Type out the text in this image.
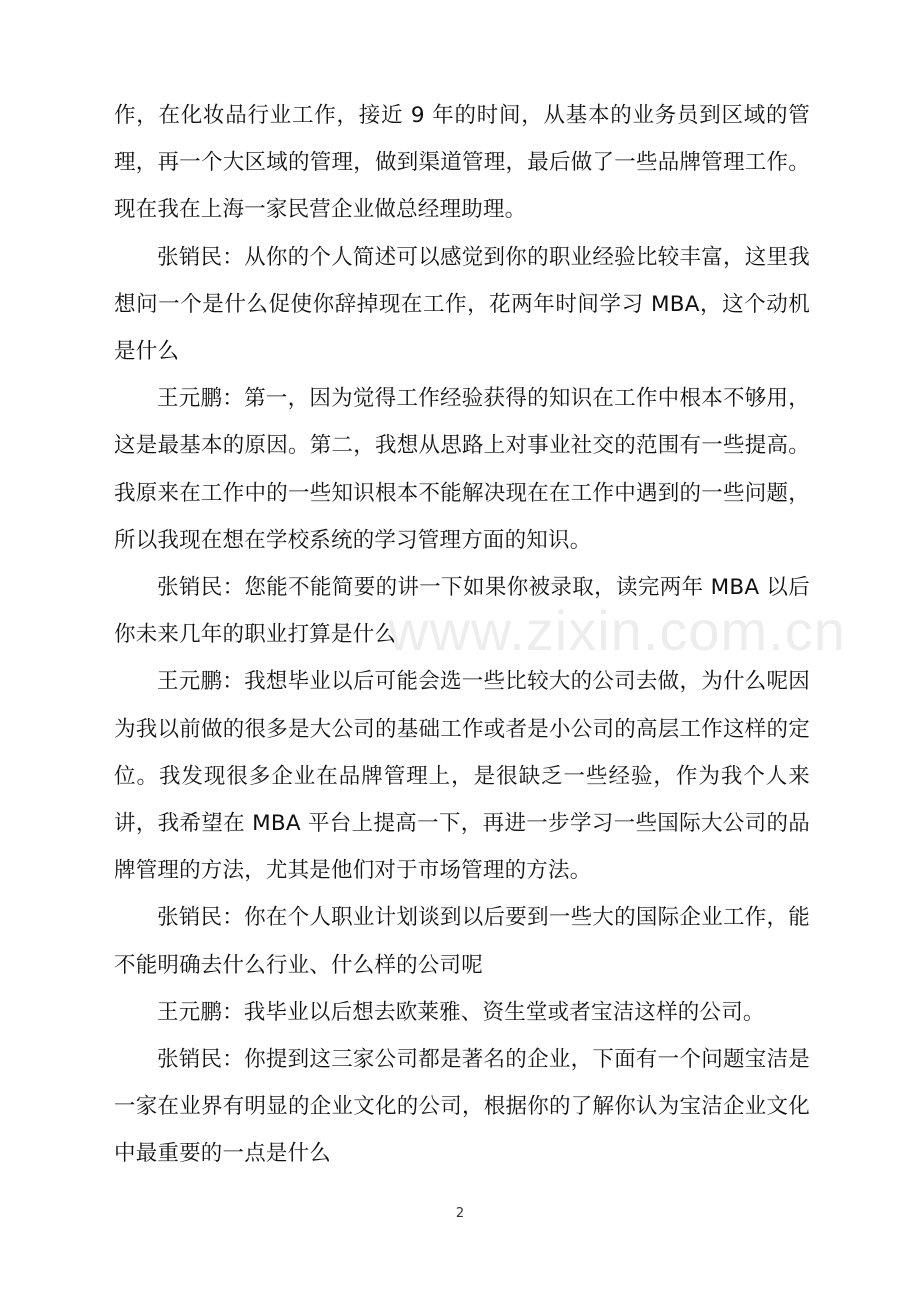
作，在化妆品行业工作，接近 9 年的时间，从基本的业务员到区域的管理，再一个大区域的管理，做到渠道管理，最后做了一些品牌管理工作。现在我在上海一家民营企业做总经理助理。

张销民：从你的个人简述可以感觉到你的职业经验比较丰富，这里我想问一个是什么促使你辞掉现在工作，花两年时间学习 MBA，这个动机是什么

王元鹏：第一，因为觉得工作经验获得的知识在工作中根本不够用，这是最基本的原因。第二，我想从思路上对事业社交的范围有一些提高。我原来在工作中的一些知识根本不能解决现在在工作中遇到的一些问题，所以我现在想在学校系统的学习管理方面的知识。

张销民：您能不能简要的讲一下如果你被录取，读完两年 MBA 以后你未来几年的职业打算是什么

王元鹏：我想毕业以后可能会选一些比较大的公司去做，为什么呢因为我以前做的很多是大公司的基础工作或者是小公司的高层工作这样的定位。我发现很多企业在品牌管理上，是很缺乏一些经验，作为我个人来讲，我希望在 MBA 平台上提高一下，再进一步学习一些国际大公司的品牌管理的方法，尤其是他们对于市场管理的方法。

张销民：你在个人职业计划谈到以后要到一些大的国际企业工作，能不能明确去什么行业、什么样的公司呢

王元鹏：我毕业以后想去欧莱雅、资生堂或者宝洁这样的公司。

张销民：你提到这三家公司都是著名的企业，下面有一个问题宝洁是一家在业界有明显的企业文化的公司，根据你的了解你认为宝洁企业文化中最重要的一点是什么

www.zixin.com.cn
2
